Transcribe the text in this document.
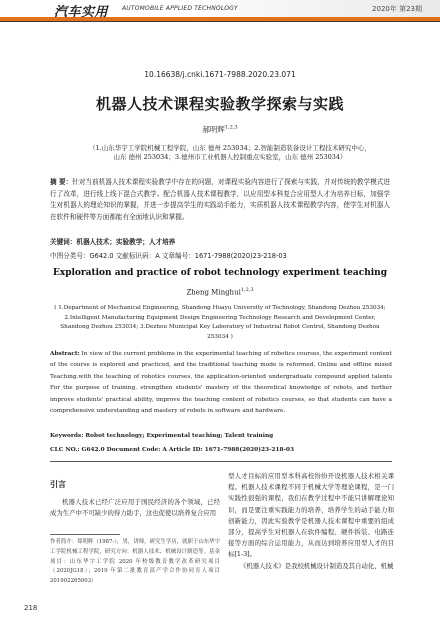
汽车实用 AUTOMOBILE APPLIED TECHNOLOGY	2020年 第23期
10.16638/j.cnki.1671-7988.2020.23.071
机器人技术课程实验教学探索与实践
郝明辉$^{1,2,3}$
（1.山东华宇工学院机械工程学院，山东 德州 253034；2.智能制造装备设计工程技术研究中心，
山东 德州 253034；3.德州市工业机器人控制重点实验室，山东 德州 253034）
摘 要：针对当前机器人技术课程实验教学中存在的问题，对课程实验内容进行了探索与实践，并对传统的教学模式进行了改革，进行线上线下混合式教学。配合机器人技术课程教学，以应用型本科复合应用型人才为培养目标，加强学生对机器人的理论知识的掌握，并进一步提高学生的实践动手能力，实质机器人技术课程教学内容，使学生对机器人在软件和硬件等方面都能有全面地认识和掌握。
关键词：机器人技术；实验教学；人才培养
中图分类号：G642.0 文献标识码：A 文章编号：1671-7988(2020)23-218-03
Exploration and practice of robot technology experiment teaching
Zheng Minghui$^{1,2,3}$
( 1.Department of Mechanical Engineering, Shandong Huayu University of Technology, Shandong Dezhou 253034;
2.Intelligent Manufacturing Equipment Design Engineering Technology Research and Development Center,
Shandong Dezhou 253034; 3.Dezhou Municipal Key Laboratory of Industrial Robot Control, Shandong Dezhou 253034 )
Abstract: In view of the current problems in the experimental teaching of robotics courses, the experiment content of the course is explored and practiced, and the traditional teaching mode is reformed. Online and offline mixed Teaching.with the teaching of robotics courses, the application-oriented undergraduate compound applied talents For the purpose of training, strengthen students' mastery of the theoretical knowledge of robots, and further improve students' practical ability, improve the teaching content of robotics courses, so that students can have a comprehensive understanding and mastery of robots in software and hardware.
Keywords: Robot technology; Experimental teaching; Talent training
CLC NO.: G642.0 Document Code: A Article ID: 1671-7988(2020)23-218-03
引言
机器人技术已经广泛应用于国民经济的各个领域，已经成为生产中不可缺少的得力助手，这也促使以培养复合应用
作者简介：郑明辉（1987-），男，讲师，研究生学历，就职于山东华宇工学院机械工程学院，研究方向：机器人技术、机械设计制造等。基金项目：山东华宇工学院 2020 年校级教育教学改革研究项目（2020JG18）；2019 年第二批教育部产学合作协同育人项目 201902265003）

型人才目标的应用型本科高校纷纷开设机器人技术相关课程。机器人技术课程不同于机械大学等理论课程，是一门实践性很强的课程，我们在教学过程中不能只讲解理论知识，而是要注重实践能力的培养，培养学生的动手能力和创新能力，因此实验教学是机器人技术课程中重要的组成部分，提高学生对机器人在软件编程、硬件拆装、电路连接等方面的综合运用能力，从而达到培养应用型人才的目标[1-3]。

《机器人技术》是我校机械设计制造及其自动化、机械

218
